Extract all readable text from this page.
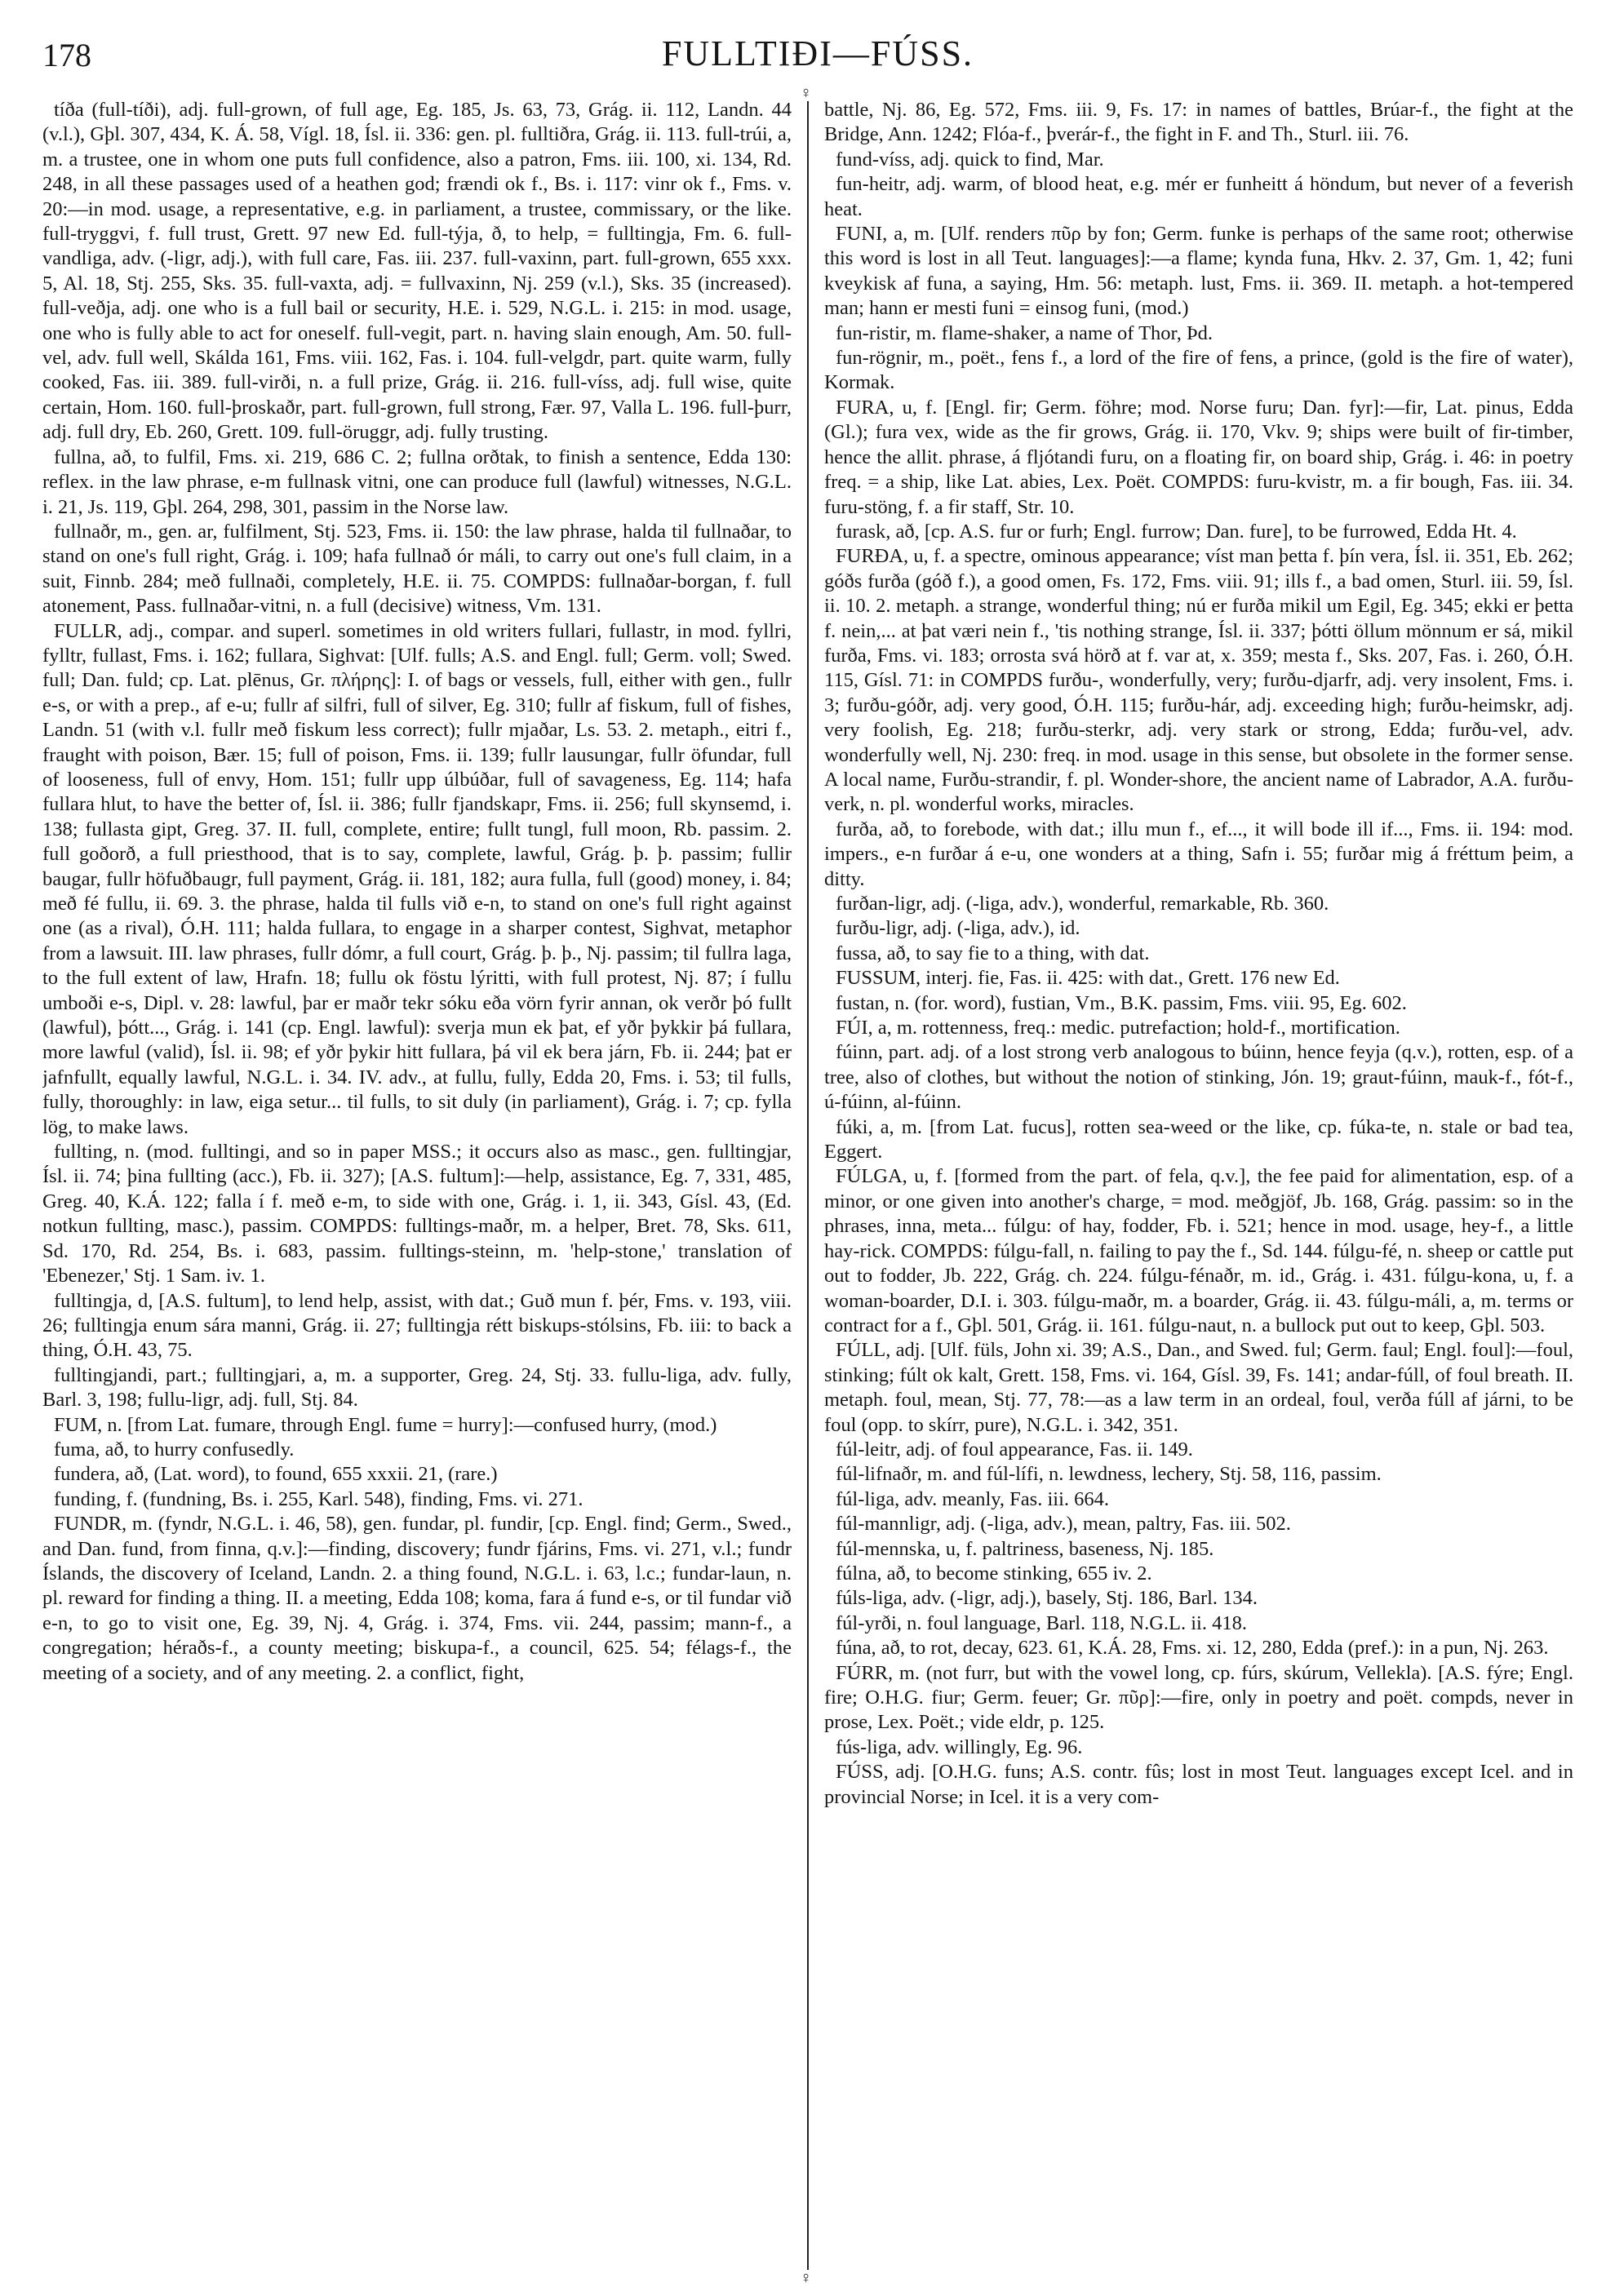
178	FULLTIÐI—FÚSS.
♀
♀

tíða (full-tíði), adj. full-grown, of full age, Eg. 185, Js. 63, 73, Grág. ii. 112, Landn. 44 (v.l.), Gþl. 307, 434, K. Á. 58, Vígl. 18, Ísl. ii. 336: gen. pl. fulltiðra, Grág. ii. 113. full-trúi, a, m. a trustee, one in whom one puts full confidence, also a patron, Fms. iii. 100, xi. 134, Rd. 248, in all these passages used of a heathen god; frændi ok f., Bs. i. 117: vinr ok f., Fms. v. 20:—in mod. usage, a representative, e.g. in parliament, a trustee, commissary, or the like. full-tryggvi, f. full trust, Grett. 97 new Ed. full-týja, ð, to help, = fulltingja, Fm. 6. full-vandliga, adv. (-ligr, adj.), with full care, Fas. iii. 237. full-vaxinn, part. full-grown, 655 xxx. 5, Al. 18, Stj. 255, Sks. 35. full-vaxta, adj. = fullvaxinn, Nj. 259 (v.l.), Sks. 35 (increased). full-veðja, adj. one who is a full bail or security, H.E. i. 529, N.G.L. i. 215: in mod. usage, one who is fully able to act for oneself. full-vegit, part. n. having slain enough, Am. 50. full-vel, adv. full well, Skálda 161, Fms. viii. 162, Fas. i. 104. full-velgdr, part. quite warm, fully cooked, Fas. iii. 389. full-virði, n. a full prize, Grág. ii. 216. full-víss, adj. full wise, quite certain, Hom. 160. full-þroskaðr, part. full-grown, full strong, Fær. 97, Valla L. 196. full-þurr, adj. full dry, Eb. 260, Grett. 109. full-öruggr, adj. fully trusting.

fullna, að, to fulfil, Fms. xi. 219, 686 C. 2; fullna orðtak, to finish a sentence, Edda 130: reflex. in the law phrase, e-m fullnask vitni, one can produce full (lawful) witnesses, N.G.L. i. 21, Js. 119, Gþl. 264, 298, 301, passim in the Norse law.

fullnaðr, m., gen. ar, fulfilment, Stj. 523, Fms. ii. 150: the law phrase, halda til fullnaðar, to stand on one's full right, Grág. i. 109; hafa fullnað ór máli, to carry out one's full claim, in a suit, Finnb. 284; með fullnaði, completely, H.E. ii. 75. COMPDS: fullnaðar-borgan, f. full atonement, Pass. fullnaðar-vitni, n. a full (decisive) witness, Vm. 131.

FULLR, adj., compar. and superl. sometimes in old writers fullari, fullastr, in mod. fyllri, fylltr, fullast, Fms. i. 162; fullara, Sighvat: [Ulf. fulls; A.S. and Engl. full; Germ. voll; Swed. full; Dan. fuld; cp. Lat. plēnus, Gr. πλήρης]: I. of bags or vessels, full, either with gen., fullr e-s, or with a prep., af e-u; fullr af silfri, full of silver, Eg. 310; fullr af fiskum, full of fishes, Landn. 51 (with v.l. fullr með fiskum less correct); fullr mjaðar, Ls. 53. 2. metaph., eitri f., fraught with poison, Bær. 15; full of poison, Fms. ii. 139; fullr lausungar, fullr öfundar, full of looseness, full of envy, Hom. 151; fullr upp úlbúðar, full of savageness, Eg. 114; hafa fullara hlut, to have the better of, Ísl. ii. 386; fullr fjandskapr, Fms. ii. 256; full skynsemd, i. 138; fullasta gipt, Greg. 37. II. full, complete, entire; fullt tungl, full moon, Rb. passim. 2. full goðorð, a full priesthood, that is to say, complete, lawful, Grág. þ. þ. passim; fullir baugar, fullr höfuðbaugr, full payment, Grág. ii. 181, 182; aura fulla, full (good) money, i. 84; með fé fullu, ii. 69. 3. the phrase, halda til fulls við e-n, to stand on one's full right against one (as a rival), Ó.H. 111; halda fullara, to engage in a sharper contest, Sighvat, metaphor from a lawsuit. III. law phrases, fullr dómr, a full court, Grág. þ. þ., Nj. passim; til fullra laga, to the full extent of law, Hrafn. 18; fullu ok föstu lýritti, with full protest, Nj. 87; í fullu umboði e-s, Dipl. v. 28: lawful, þar er maðr tekr sóku eða vörn fyrir annan, ok verðr þó fullt (lawful), þótt..., Grág. i. 141 (cp. Engl. lawful): sverja mun ek þat, ef yðr þykkir þá fullara, more lawful (valid), Ísl. ii. 98; ef yðr þykir hitt fullara, þá vil ek bera járn, Fb. ii. 244; þat er jafnfullt, equally lawful, N.G.L. i. 34. IV. adv., at fullu, fully, Edda 20, Fms. i. 53; til fulls, fully, thoroughly: in law, eiga setur... til fulls, to sit duly (in parliament), Grág. i. 7; cp. fylla lög, to make laws.

fullting, n. (mod. fulltingi, and so in paper MSS.; it occurs also as masc., gen. fulltingjar, Ísl. ii. 74; þina fullting (acc.), Fb. ii. 327); [A.S. fultum]:—help, assistance, Eg. 7, 331, 485, Greg. 40, K.Á. 122; falla í f. með e-m, to side with one, Grág. i. 1, ii. 343, Gísl. 43, (Ed. notkun fullting, masc.), passim. COMPDS: fulltings-maðr, m. a helper, Bret. 78, Sks. 611, Sd. 170, Rd. 254, Bs. i. 683, passim. fulltings-steinn, m. 'help-stone,' translation of 'Ebenezer,' Stj. 1 Sam. iv. 1.

fulltingja, d, [A.S. fultum], to lend help, assist, with dat.; Guð mun f. þér, Fms. v. 193, viii. 26; fulltingja enum sára manni, Grág. ii. 27; fulltingja rétt biskups-stólsins, Fb. iii: to back a thing, Ó.H. 43, 75.

fulltingjandi, part.; fulltingjari, a, m. a supporter, Greg. 24, Stj. 33. fullu-liga, adv. fully, Barl. 3, 198; fullu-ligr, adj. full, Stj. 84.

FUM, n. [from Lat. fumare, through Engl. fume = hurry]:—confused hurry, (mod.)

fuma, að, to hurry confusedly.

fundera, að, (Lat. word), to found, 655 xxxii. 21, (rare.)

funding, f. (fundning, Bs. i. 255, Karl. 548), finding, Fms. vi. 271.

FUNDR, m. (fyndr, N.G.L. i. 46, 58), gen. fundar, pl. fundir, [cp. Engl. find; Germ., Swed., and Dan. fund, from finna, q.v.]:—finding, discovery; fundr fjárins, Fms. vi. 271, v.l.; fundr Íslands, the discovery of Iceland, Landn. 2. a thing found, N.G.L. i. 63, l.c.; fundar-laun, n. pl. reward for finding a thing. II. a meeting, Edda 108; koma, fara á fund e-s, or til fundar við e-n, to go to visit one, Eg. 39, Nj. 4, Grág. i. 374, Fms. vii. 244, passim; mann-f., a congregation; héraðs-f., a county meeting; biskupa-f., a council, 625. 54; félags-f., the meeting of a society, and of any meeting. 2. a conflict, fight,

battle, Nj. 86, Eg. 572, Fms. iii. 9, Fs. 17: in names of battles, Brúar-f., the fight at the Bridge, Ann. 1242; Flóa-f., þverár-f., the fight in F. and Th., Sturl. iii. 76.

fund-víss, adj. quick to find, Mar.

fun-heitr, adj. warm, of blood heat, e.g. mér er funheitt á höndum, but never of a feverish heat.

FUNI, a, m. [Ulf. renders πῦρ by fon; Germ. funke is perhaps of the same root; otherwise this word is lost in all Teut. languages]:—a flame; kynda funa, Hkv. 2. 37, Gm. 1, 42; funi kveykisk af funa, a saying, Hm. 56: metaph. lust, Fms. ii. 369. II. metaph. a hot-tempered man; hann er mesti funi = einsog funi, (mod.)

fun-ristir, m. flame-shaker, a name of Thor, Þd.

fun-rögnir, m., poët., fens f., a lord of the fire of fens, a prince, (gold is the fire of water), Kormak.

FURA, u, f. [Engl. fir; Germ. föhre; mod. Norse furu; Dan. fyr]:—fir, Lat. pinus, Edda (Gl.); fura vex, wide as the fir grows, Grág. ii. 170, Vkv. 9; ships were built of fir-timber, hence the allit. phrase, á fljótandi furu, on a floating fir, on board ship, Grág. i. 46: in poetry freq. = a ship, like Lat. abies, Lex. Poët. COMPDS: furu-kvistr, m. a fir bough, Fas. iii. 34. furu-stöng, f. a fir staff, Str. 10.

furask, að, [cp. A.S. fur or furh; Engl. furrow; Dan. fure], to be furrowed, Edda Ht. 4.

FURÐA, u, f. a spectre, ominous appearance; víst man þetta f. þín vera, Ísl. ii. 351, Eb. 262; góðs furða (góð f.), a good omen, Fs. 172, Fms. viii. 91; ills f., a bad omen, Sturl. iii. 59, Ísl. ii. 10. 2. metaph. a strange, wonderful thing; nú er furða mikil um Egil, Eg. 345; ekki er þetta f. nein,... at þat væri nein f., 'tis nothing strange, Ísl. ii. 337; þótti öllum mönnum er sá, mikil furða, Fms. vi. 183; orrosta svá hörð at f. var at, x. 359; mesta f., Sks. 207, Fas. i. 260, Ó.H. 115, Gísl. 71: in COMPDS furðu-, wonderfully, very; furðu-djarfr, adj. very insolent, Fms. i. 3; furðu-góðr, adj. very good, Ó.H. 115; furðu-hár, adj. exceeding high; furðu-heimskr, adj. very foolish, Eg. 218; furðu-sterkr, adj. very stark or strong, Edda; furðu-vel, adv. wonderfully well, Nj. 230: freq. in mod. usage in this sense, but obsolete in the former sense. A local name, Furðu-strandir, f. pl. Wonder-shore, the ancient name of Labrador, A.A. furðu-verk, n. pl. wonderful works, miracles.

furða, að, to forebode, with dat.; illu mun f., ef..., it will bode ill if..., Fms. ii. 194: mod. impers., e-n furðar á e-u, one wonders at a thing, Safn i. 55; furðar mig á fréttum þeim, a ditty.

furðan-ligr, adj. (-liga, adv.), wonderful, remarkable, Rb. 360.

furðu-ligr, adj. (-liga, adv.), id.

fussa, að, to say fie to a thing, with dat.

FUSSUM, interj. fie, Fas. ii. 425: with dat., Grett. 176 new Ed.

fustan, n. (for. word), fustian, Vm., B.K. passim, Fms. viii. 95, Eg. 602.

FÚI, a, m. rottenness, freq.: medic. putrefaction; hold-f., mortification.

fúinn, part. adj. of a lost strong verb analogous to búinn, hence feyja (q.v.), rotten, esp. of a tree, also of clothes, but without the notion of stinking, Jón. 19; graut-fúinn, mauk-f., fót-f., ú-fúinn, al-fúinn.

fúki, a, m. [from Lat. fucus], rotten sea-weed or the like, cp. fúka-te, n. stale or bad tea, Eggert.

FÚLGA, u, f. [formed from the part. of fela, q.v.], the fee paid for alimentation, esp. of a minor, or one given into another's charge, = mod. meðgjöf, Jb. 168, Grág. passim: so in the phrases, inna, meta... fúlgu: of hay, fodder, Fb. i. 521; hence in mod. usage, hey-f., a little hay-rick. COMPDS: fúlgu-fall, n. failing to pay the f., Sd. 144. fúlgu-fé, n. sheep or cattle put out to fodder, Jb. 222, Grág. ch. 224. fúlgu-fénaðr, m. id., Grág. i. 431. fúlgu-kona, u, f. a woman-boarder, D.I. i. 303. fúlgu-maðr, m. a boarder, Grág. ii. 43. fúlgu-máli, a, m. terms or contract for a f., Gþl. 501, Grág. ii. 161. fúlgu-naut, n. a bullock put out to keep, Gþl. 503.

FÚLL, adj. [Ulf. füls, John xi. 39; A.S., Dan., and Swed. ful; Germ. faul; Engl. foul]:—foul, stinking; fúlt ok kalt, Grett. 158, Fms. vi. 164, Gísl. 39, Fs. 141; andar-fúll, of foul breath. II. metaph. foul, mean, Stj. 77, 78:—as a law term in an ordeal, foul, verða fúll af járni, to be foul (opp. to skírr, pure), N.G.L. i. 342, 351.

fúl-leitr, adj. of foul appearance, Fas. ii. 149.

fúl-lifnaðr, m. and fúl-lífi, n. lewdness, lechery, Stj. 58, 116, passim.

fúl-liga, adv. meanly, Fas. iii. 664.

fúl-mannligr, adj. (-liga, adv.), mean, paltry, Fas. iii. 502.

fúl-mennska, u, f. paltriness, baseness, Nj. 185.

fúlna, að, to become stinking, 655 iv. 2.

fúls-liga, adv. (-ligr, adj.), basely, Stj. 186, Barl. 134.

fúl-yrði, n. foul language, Barl. 118, N.G.L. ii. 418.

fúna, að, to rot, decay, 623. 61, K.Á. 28, Fms. xi. 12, 280, Edda (pref.): in a pun, Nj. 263.

FÚRR, m. (not furr, but with the vowel long, cp. fúrs, skúrum, Vellekla). [A.S. fýre; Engl. fire; O.H.G. fiur; Germ. feuer; Gr. πῦρ]:—fire, only in poetry and poët. compds, never in prose, Lex. Poët.; vide eldr, p. 125.

fús-liga, adv. willingly, Eg. 96.

FÚSS, adj. [O.H.G. funs; A.S. contr. fûs; lost in most Teut. languages except Icel. and in provincial Norse; in Icel. it is a very com-
